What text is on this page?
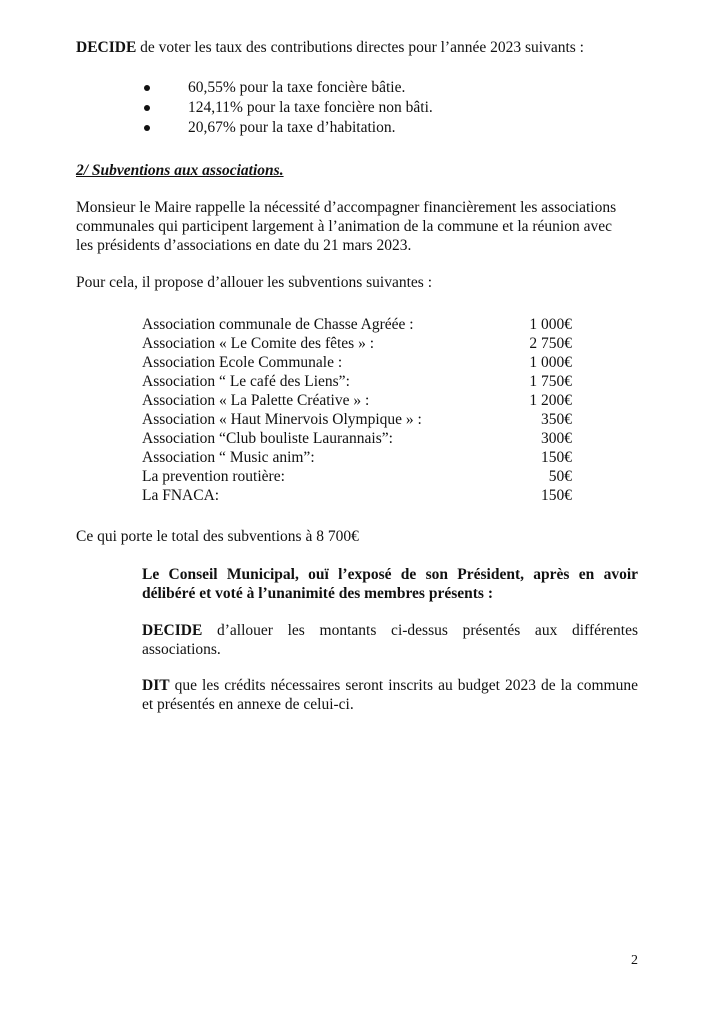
DECIDE de voter les taux des contributions directes pour l’année 2023 suivants :

60,55% pour la taxe foncière bâtie.
124,11% pour la taxe foncière non bâti.
20,67% pour la taxe d’habitation.

2/ Subventions aux associations.

Monsieur le Maire rappelle la nécessité d’accompagner financièrement les associations
communales qui participent largement à l’animation de la commune et la réunion avec
les présidents d’associations en date du 21 mars 2023.

Pour cela, il propose d’allouer les subventions suivantes :

Association communale de Chasse Agréée :	1 000€
Association « Le Comite des fêtes » :	2 750€
Association Ecole Communale :	1 000€
Association “ Le café des Liens”:	1 750€
Association « La Palette Créative » :	1 200€
Association « Haut Minervois Olympique » :	350€
Association “Club bouliste Laurannais”:	300€
Association “ Music anim”:	150€
La prevention routière:	50€
La FNACA:	150€

Ce qui porte le total des subventions à 8 700€

Le Conseil Municipal, ouï l’exposé de son Président, après en avoir délibéré et voté à l’unanimité des membres présents :

DECIDE d’allouer les montants ci-dessus présentés aux différentes associations.

DIT que les crédits nécessaires seront inscrits au budget 2023 de la commune et présentés en annexe de celui-ci.

2
